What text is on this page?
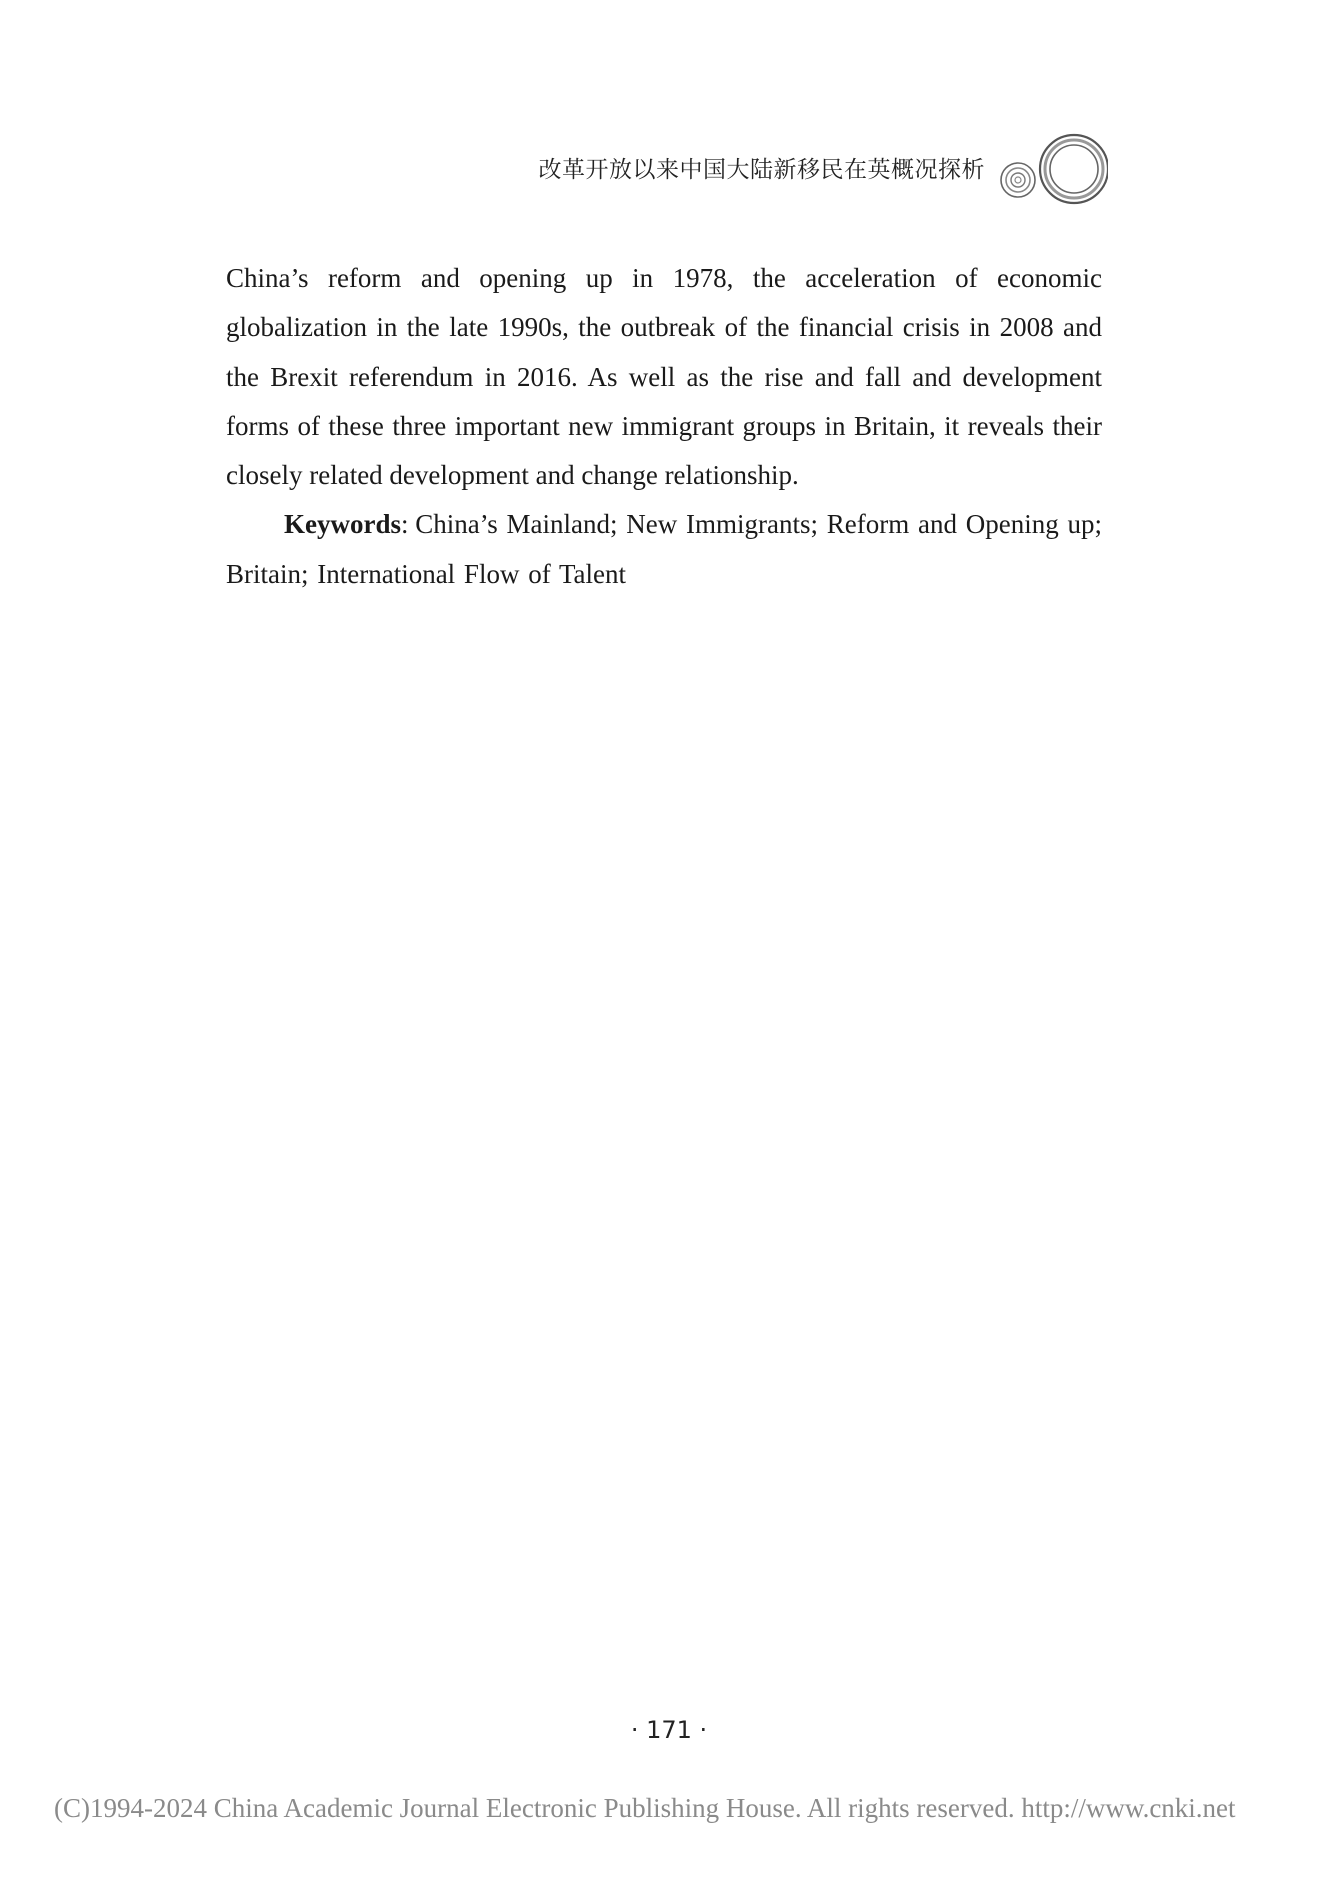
改革开放以来中国大陆新移民在英概况探析

China’s reform and opening up in 1978, the acceleration of economic globalization in the late 1990s, the outbreak of the financial crisis in 2008 and the Brexit referendum in 2016. As well as the rise and fall and development forms of these three important new immigrant groups in Britain, it reveals their closely related development and change relationship.

Keywords: China’s Mainland; New Immigrants; Reform and Opening up; Britain; International Flow of Talent

· 171 ·
(C)1994-2024 China Academic Journal Electronic Publishing House. All rights reserved. http://www.cnki.net
